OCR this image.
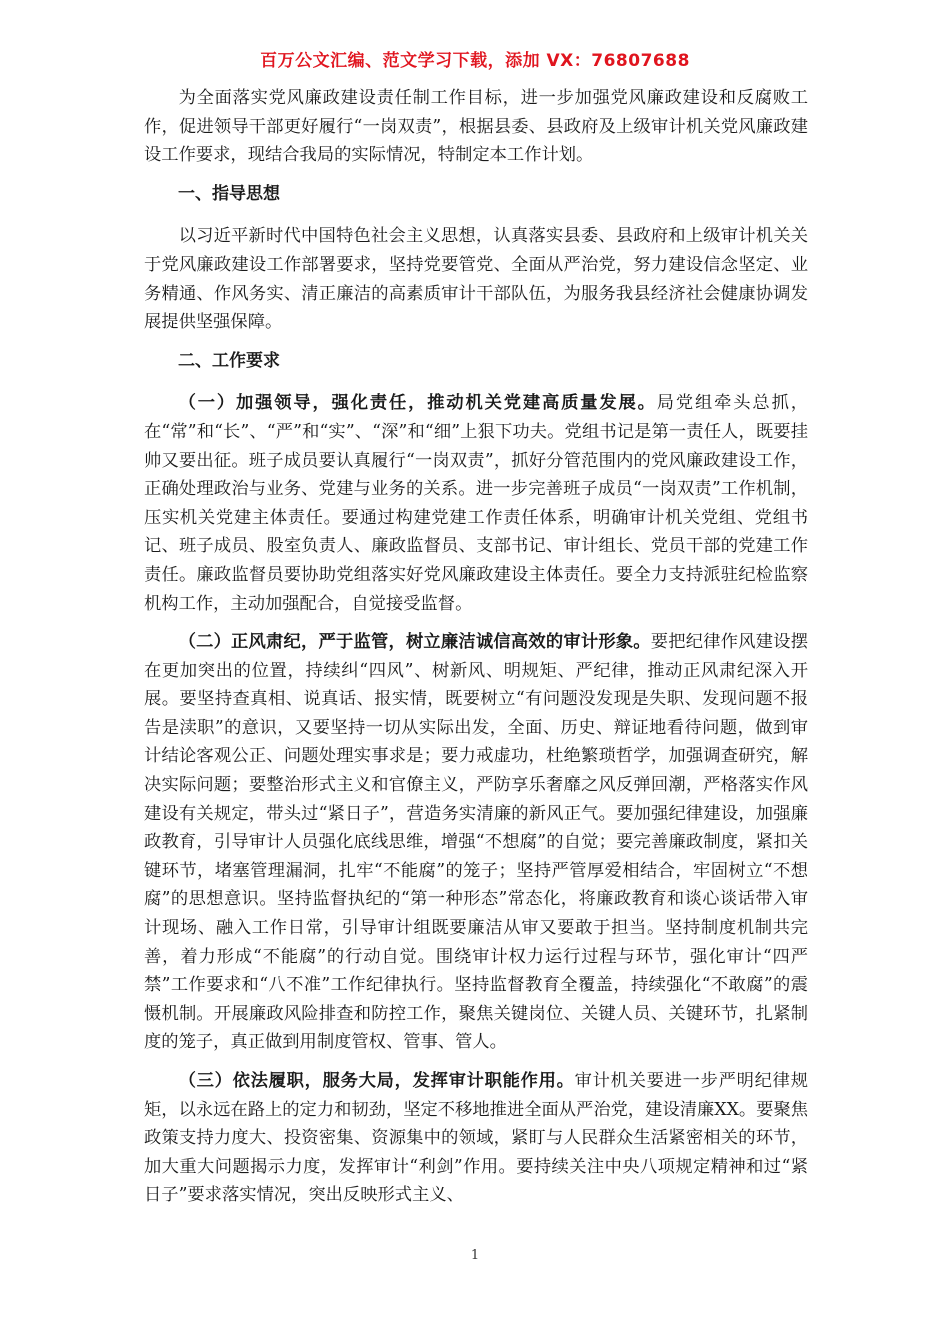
百万公文汇编、范文学习下载，添加 VX：76807688

为全面落实党风廉政建设责任制工作目标，进一步加强党风廉政建设和反腐败工作，促进领导干部更好履行“一岗双责”，根据县委、县政府及上级审计机关党风廉政建设工作要求，现结合我局的实际情况，特制定本工作计划。

一、指导思想

以习近平新时代中国特色社会主义思想，认真落实县委、县政府和上级审计机关关于党风廉政建设工作部署要求，坚持党要管党、全面从严治党，努力建设信念坚定、业务精通、作风务实、清正廉洁的高素质审计干部队伍，为服务我县经济社会健康协调发展提供坚强保障。

二、工作要求

（一）加强领导，强化责任，推动机关党建高质量发展。局党组牵头总抓，在“常”和“长”、“严”和“实”、“深”和“细”上狠下功夫。党组书记是第一责任人，既要挂帅又要出征。班子成员要认真履行“一岗双责”，抓好分管范围内的党风廉政建设工作，正确处理政治与业务、党建与业务的关系。进一步完善班子成员“一岗双责”工作机制，压实机关党建主体责任。要通过构建党建工作责任体系，明确审计机关党组、党组书记、班子成员、股室负责人、廉政监督员、支部书记、审计组长、党员干部的党建工作责任。廉政监督员要协助党组落实好党风廉政建设主体责任。要全力支持派驻纪检监察机构工作，主动加强配合，自觉接受监督。

（二）正风肃纪，严于监管，树立廉洁诚信高效的审计形象。要把纪律作风建设摆在更加突出的位置，持续纠“四风”、树新风、明规矩、严纪律，推动正风肃纪深入开展。要坚持查真相、说真话、报实情，既要树立“有问题没发现是失职、发现问题不报告是渎职”的意识，又要坚持一切从实际出发，全面、历史、辩证地看待问题，做到审计结论客观公正、问题处理实事求是；要力戒虚功，杜绝繁琐哲学，加强调查研究，解决实际问题；要整治形式主义和官僚主义，严防享乐奢靡之风反弹回潮，严格落实作风建设有关规定，带头过“紧日子”，营造务实清廉的新风正气。要加强纪律建设，加强廉政教育，引导审计人员强化底线思维，增强“不想腐”的自觉；要完善廉政制度，紧扣关键环节，堵塞管理漏洞，扎牢“不能腐”的笼子；坚持严管厚爱相结合，牢固树立“不想腐”的思想意识。坚持监督执纪的“第一种形态”常态化，将廉政教育和谈心谈话带入审计现场、融入工作日常，引导审计组既要廉洁从审又要敢于担当。坚持制度机制共完善，着力形成“不能腐”的行动自觉。围绕审计权力运行过程与环节，强化审计“四严禁”工作要求和“八不准”工作纪律执行。坚持监督教育全覆盖，持续强化“不敢腐”的震慑机制。开展廉政风险排查和防控工作，聚焦关键岗位、关键人员、关键环节，扎紧制度的笼子，真正做到用制度管权、管事、管人。

（三）依法履职，服务大局，发挥审计职能作用。审计机关要进一步严明纪律规矩，以永远在路上的定力和韧劲，坚定不移地推进全面从严治党，建设清廉XX。要聚焦政策支持力度大、投资密集、资源集中的领域，紧盯与人民群众生活紧密相关的环节，加大重大问题揭示力度，发挥审计“利剑”作用。要持续关注中央八项规定精神和过“紧日子”要求落实情况，突出反映形式主义、

1
